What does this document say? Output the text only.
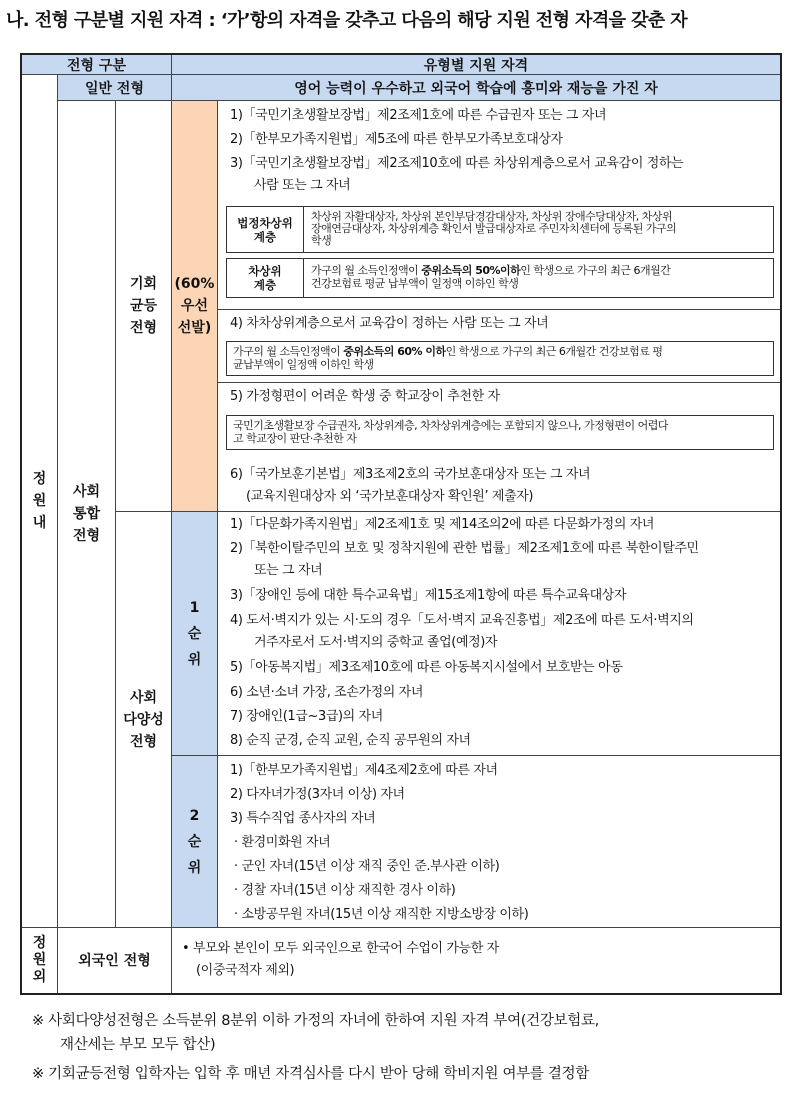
나. 전형 구분별 지원 자격 : ‘가’항의 자격을 갖추고 다음의 해당 지원 전형 자격을 갖춘 자
전형 구분	유형별 지원 자격
정
원
내
일반 전형	영어 능력이 우수하고 외국어 학습에 흥미와 재능을 가진 자
사회
통합
전형
기회
균등
전형
(60%
우선
선발)
1)「국민기초생활보장법」제2조제1호에 따른 수급권자 또는 그 자녀
2)「한부모가족지원법」제5조에 따른 한부모가족보호대상자
3)「국민기초생활보장법」제2조제10호에 따른 차상위계층으로서 교육감이 정하는
사람 또는 그 자녀
법정차상위
계층
차상위 자활대상자, 차상위 본인부담경감대상자, 차상위 장애수당대상자, 차상위
장애연금대상자, 차상위계층 확인서 발급대상자로 주민자치센터에 등록된 가구의
학생
차상위
계층
가구의 월 소득인정액이 중위소득의 50%이하인 학생으로 가구의 최근 6개월간
건강보험료 평균 납부액이 일정액 이하인 학생
4) 차차상위계층으로서 교육감이 정하는 사람 또는 그 자녀
가구의 월 소득인정액이 중위소득의 60% 이하인 학생으로 가구의 최근 6개월간 건강보험료 평
균납부액이 일정액 이하인 학생
5) 가정형편이 어려운 학생 중 학교장이 추천한 자
국민기초생활보장 수급권자, 차상위계층, 차차상위계층에는 포함되지 않으나, 가정형편이 어렵다
고 학교장이 판단·추천한 자
6)「국가보훈기본법」제3조제2호의 국가보훈대상자 또는 그 자녀
(교육지원대상자 외 ‘국가보훈대상자 확인원’ 제출자)
사회
다양성
전형
1
순
위
1)「다문화가족지원법」제2조제1호 및 제14조의2에 따른 다문화가정의 자녀
2)「북한이탈주민의 보호 및 정착지원에 관한 법률」제2조제1호에 따른 북한이탈주민
또는 그 자녀
3)「장애인 등에 대한 특수교육법」제15조제1항에 따른 특수교육대상자
4) 도서·벽지가 있는 시·도의 경우「도서·벽지 교육진흥법」제2조에 따른 도서·벽지의
거주자로서 도서·벽지의 중학교 졸업(예정)자
5)「아동복지법」제3조제10호에 따른 아동복지시설에서 보호받는 아동
6) 소년·소녀 가장, 조손가정의 자녀
7) 장애인(1급~3급)의 자녀
8) 순직 군경, 순직 교원, 순직 공무원의 자녀
2
순
위
1)「한부모가족지원법」제4조제2호에 따른 자녀
2) 다자녀가정(3자녀 이상) 자녀
3) 특수직업 종사자의 자녀
· 환경미화원 자녀
· 군인 자녀(15년 이상 재직 중인 준.부사관 이하)
· 경찰 자녀(15년 이상 재직한 경사 이하)
· 소방공무원 자녀(15년 이상 재직한 지방소방장 이하)
정
원
외
외국인 전형
• 부모와 본인이 모두 외국인으로 한국어 수업이 가능한 자
(이중국적자 제외)
※ 사회다양성전형은 소득분위 8분위 이하 가정의 자녀에 한하여 지원 자격 부여(건강보험료,
재산세는 부모 모두 합산)
※ 기회균등전형 입학자는 입학 후 매년 자격심사를 다시 받아 당해 학비지원 여부를 결정함
